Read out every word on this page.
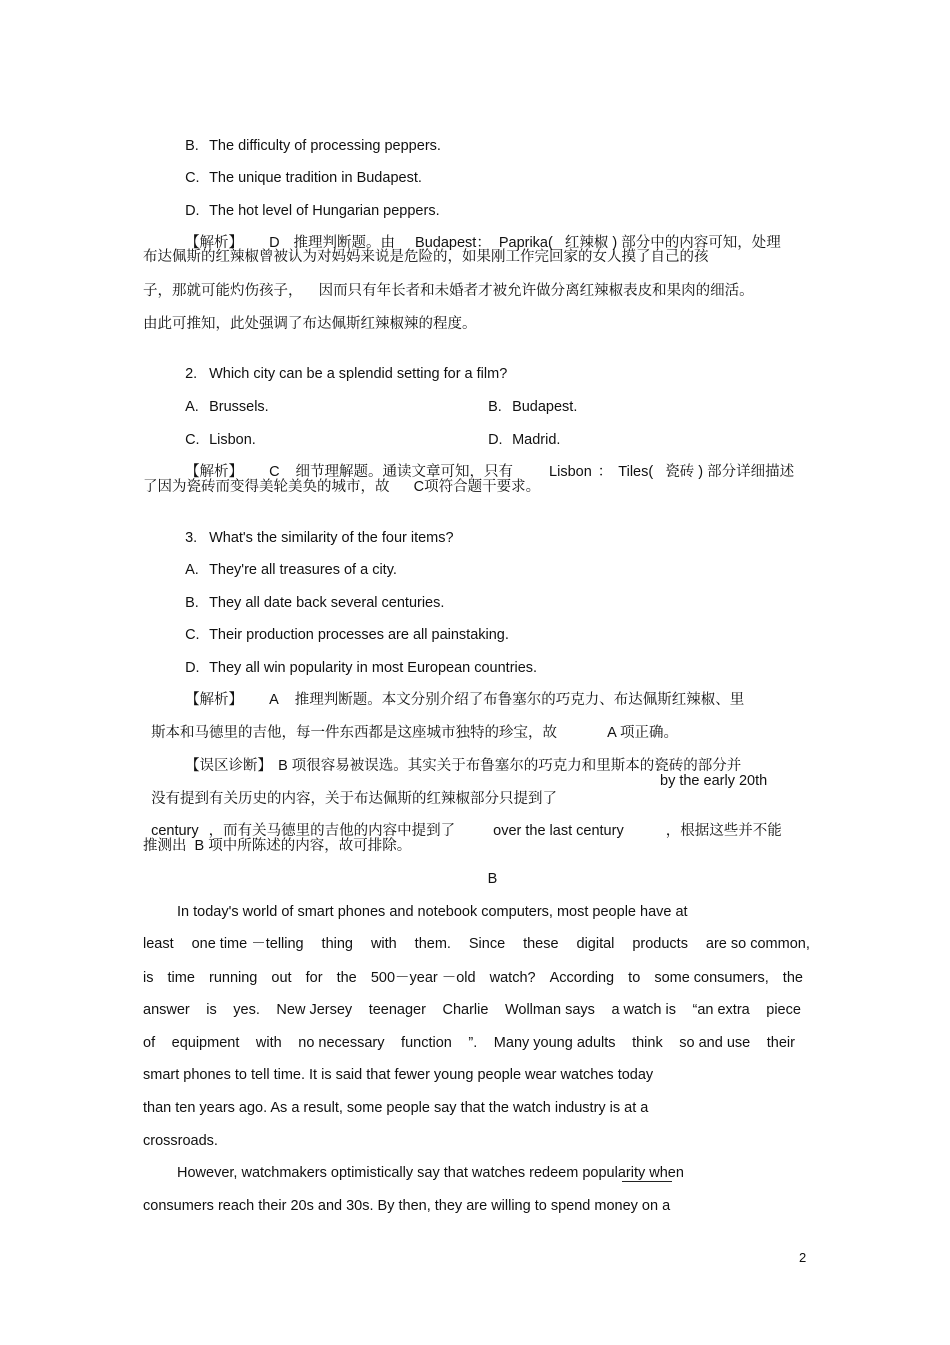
B. The difficulty of processing peppers.

C. The unique tradition in Budapest.

D. The hot level of Hungarian peppers.

【解析】 D 推理判断题。由 Budapest： Paprika( 红辣椒 ) 部分中的内容可知，处理

布达佩斯的红辣椒曾被认为对妈妈来说是危险的，如果刚工作完回家的女人摸了自己的孩
子，那就可能灼伤孩子，    因而只有年长者和未婚者才被允许做分离红辣椒表皮和果肉的细活。
由此可推知，此处强调了布达佩斯红辣椒辣的程度。

2. Which city can be a splendid setting for a film?

A. Brussels.	B. Budapest.

C. Lisbon.	D. Madrid.

【解析】 C 细节理解题。通读文章可知，只有 Lisbon ： Tiles( 瓷砖 ) 部分详细描述

了因为瓷砖而变得美轮美奂的城市，故      C项符合题干要求。

3. What's the similarity of the four items?

A. They're all treasures of a city.

B. They all date back several centuries.

C. Their production processes are all painstaking.

D. They all win popularity in most European countries.

【解析】 A 推理判断题。本文分别介绍了布鲁塞尔的巧克力、布达佩斯红辣椒、里

斯本和马德里的吉他，每一件东西都是这座城市独特的珍宝，故	A 项正确。

【误区诊断】 B 项很容易被误选。其实关于布鲁塞尔的巧克力和里斯本的瓷砖的部分并

没有提到有关历史的内容，关于布达佩斯的红辣椒部分只提到了

by the early 20th

century ，而有关马德里的吉他的内容中提到了	over the last century	，根据这些并不能

推测出  B 项中所陈述的内容，故可排除。
B
In today's world of smart phones and notebook computers, most people have at
least one time －telling thing with them. Since these digital products are so common,
is time running out for the 500－year －old watch? According to some consumers, the
answer is yes. New Jersey teenager Charlie Wollman says a watch is “an extra piece
of equipment with no necessary function ”. Many young adults think so and use their
smart phones to tell time. It is said that fewer young people wear watches today
than ten years ago. As a result, some people say that the watch industry is at a
crossroads.
However, watchmakers optimistically say that watches redeem popularity when
consumers reach their 20s and 30s. By then, they are willing to spend money on a
2
